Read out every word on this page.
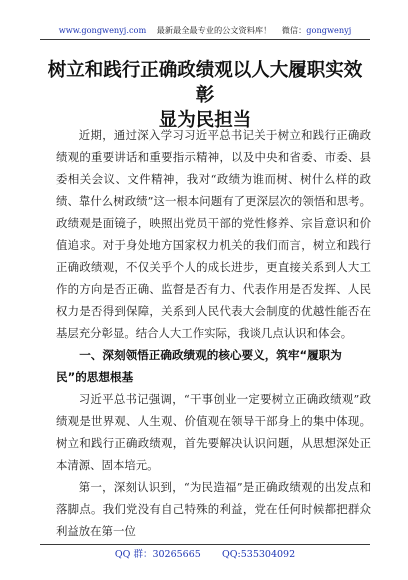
www.gongwenyj.com 最新最全最专业的公文资料库！ 微信：gongwenyj
树立和践行正确政绩观以人大履职实效彰
显为民担当

近期，通过深入学习习近平总书记关于树立和践行正确政绩观的重要讲话和重要指示精神，以及中央和省委、市委、县委相关会议、文件精神，我对“政绩为谁而树、树什么样的政绩、靠什么树政绩”这一根本问题有了更深层次的领悟和思考。政绩观是面镜子，映照出党员干部的党性修养、宗旨意识和价值追求。对于身处地方国家权力机关的我们而言，树立和践行正确政绩观，不仅关乎个人的成长进步，更直接关系到人大工作的方向是否正确、监督是否有力、代表作用是否发挥、人民权力是否得到保障，关系到人民代表大会制度的优越性能否在基层充分彰显。结合人大工作实际，我谈几点认识和体会。

一、深刻领悟正确政绩观的核心要义，筑牢“履职为民”的思想根基

习近平总书记强调，“干事创业一定要树立正确政绩观”政绩观是世界观、人生观、价值观在领导干部身上的集中体现。树立和践行正确政绩观，首先要解决认识问题，从思想深处正本清源、固本培元。

第一，深刻认识到，“为民造福”是正确政绩观的出发点和落脚点。我们党没有自己特殊的利益，党在任何时候都把群众利益放在第一位

QQ 群：30265665 QQ:535304092
